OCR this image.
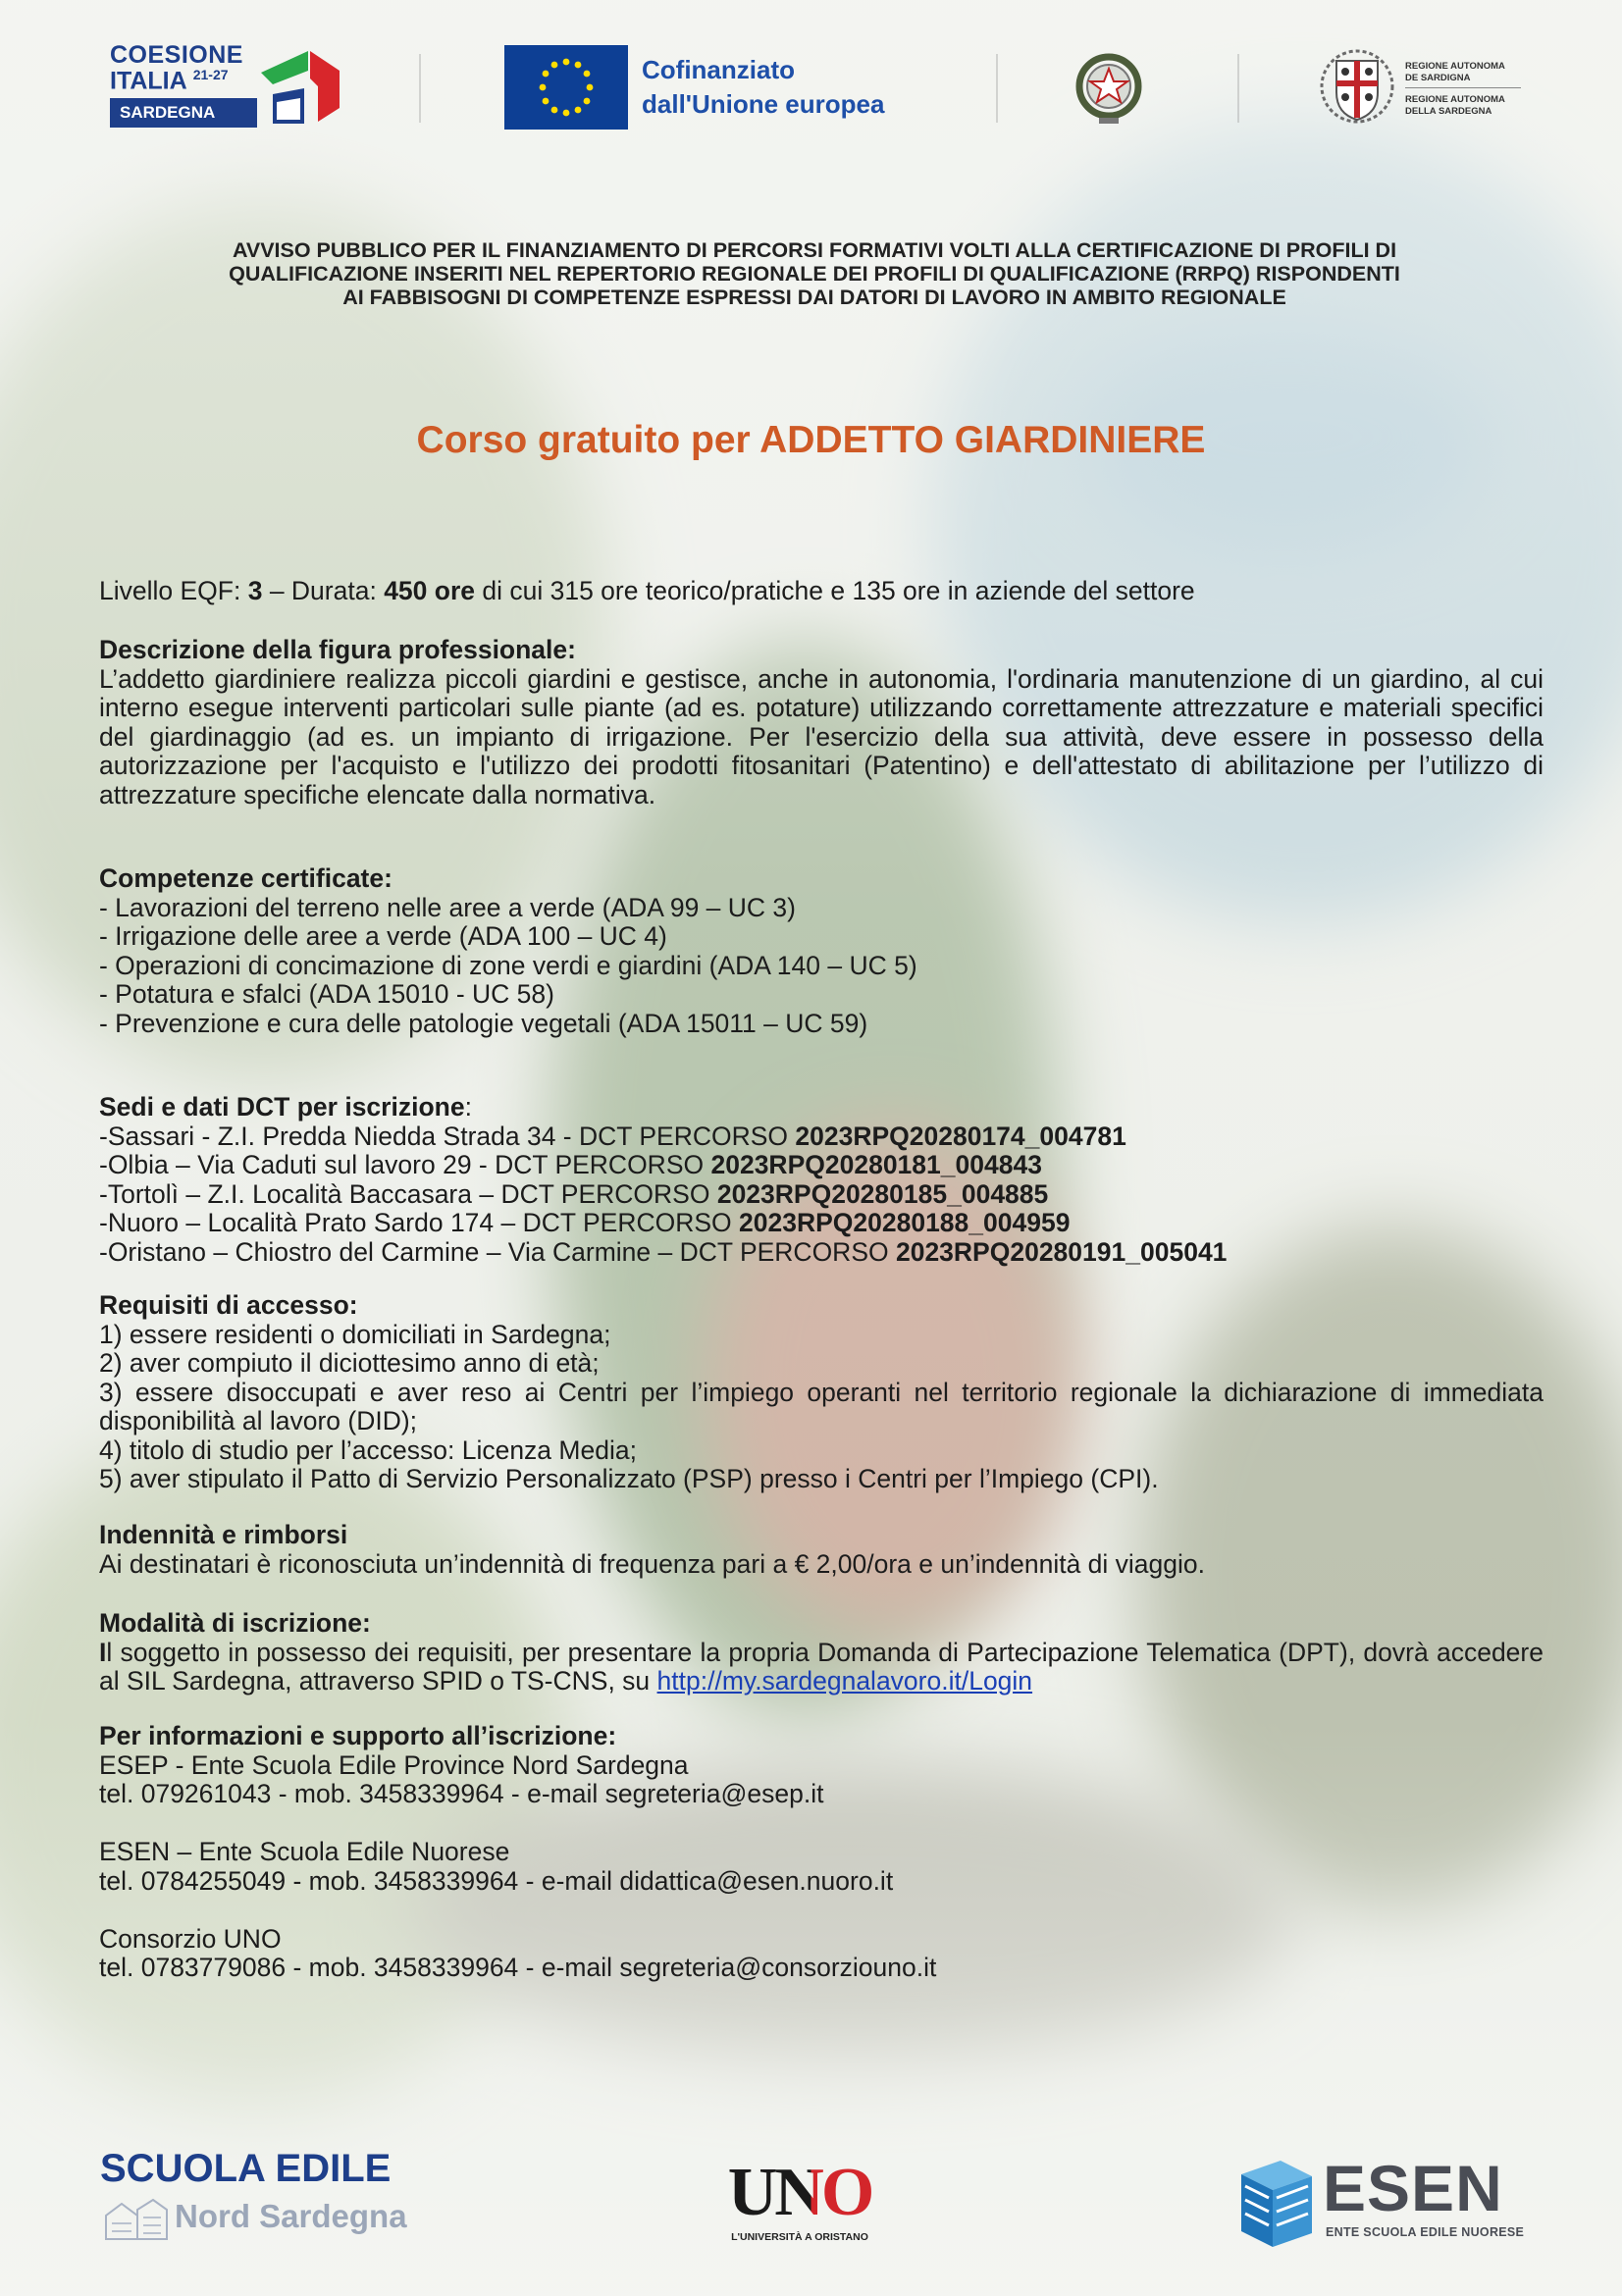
COESIONE
ITALIA $^{21-27}$
SARDEGNA
Cofinanziato
dall'Unione europea
REGIONE AUTONOMA
DE SARDIGNA
REGIONE AUTONOMA
DELLA SARDEGNA
AVVISO PUBBLICO PER IL FINANZIAMENTO DI PERCORSI FORMATIVI VOLTI ALLA CERTIFICAZIONE DI PROFILI DI
QUALIFICAZIONE INSERITI NEL REPERTORIO REGIONALE DEI PROFILI DI QUALIFICAZIONE (RRPQ) RISPONDENTI
AI FABBISOGNI DI COMPETENZE ESPRESSI DAI DATORI DI LAVORO IN AMBITO REGIONALE
Corso gratuito per ADDETTO GIARDINIERE
Livello EQF: 3 – Durata: 450 ore di cui 315 ore teorico/pratiche e 135 ore in aziende del settore
Descrizione della figura professionale:
L’addetto giardiniere realizza piccoli giardini e gestisce, anche in autonomia, l'ordinaria manutenzione di un giardino, al cui interno esegue interventi particolari sulle piante (ad es. potature) utilizzando correttamente attrezzature e materiali specifici del giardinaggio (ad es. un impianto di irrigazione. Per l'esercizio della sua attività, deve essere in possesso della autorizzazione per l'acquisto e l'utilizzo dei prodotti fitosanitari (Patentino) e dell'attestato di abilitazione per l’utilizzo di attrezzature specifiche elencate dalla normativa.
Competenze certificate:
- Lavorazioni del terreno nelle aree a verde (ADA 99 – UC 3)
- Irrigazione delle aree a verde (ADA 100 – UC 4)
- Operazioni di concimazione di zone verdi e giardini (ADA 140 – UC 5)
- Potatura e sfalci (ADA 15010 - UC 58)
- Prevenzione e cura delle patologie vegetali (ADA 15011 – UC 59)
Sedi e dati DCT per iscrizione:
-Sassari - Z.I. Predda Niedda Strada 34 - DCT PERCORSO 2023RPQ20280174_004781
-Olbia – Via Caduti sul lavoro 29 - DCT PERCORSO 2023RPQ20280181_004843
-Tortolì – Z.I. Località Baccasara – DCT PERCORSO 2023RPQ20280185_004885
-Nuoro – Località Prato Sardo 174 – DCT PERCORSO 2023RPQ20280188_004959
-Oristano – Chiostro del Carmine – Via Carmine – DCT PERCORSO 2023RPQ20280191_005041
Requisiti di accesso:
1) essere residenti o domiciliati in Sardegna;
2) aver compiuto il diciottesimo anno di età;
3) essere disoccupati e aver reso ai Centri per l’impiego operanti nel territorio regionale la dichiarazione di immediata disponibilità al lavoro (DID);
4) titolo di studio per l’accesso: Licenza Media;
5) aver stipulato il Patto di Servizio Personalizzato (PSP) presso i Centri per l’Impiego (CPI).
Indennità e rimborsi
Ai destinatari è riconosciuta un’indennità di frequenza pari a € 2,00/ora e un’indennità di viaggio.
Modalità di iscrizione:
Il soggetto in possesso dei requisiti, per presentare la propria Domanda di Partecipazione Telematica (DPT), dovrà accedere al SIL Sardegna, attraverso SPID o TS-CNS, su http://my.sardegnalavoro.it/Login
Per informazioni e supporto all’iscrizione:
ESEP - Ente Scuola Edile Province Nord Sardegna
tel. 079261043 - mob. 3458339964 - e-mail segreteria@esep.it
ESEN – Ente Scuola Edile Nuorese
tel. 0784255049 - mob. 3458339964 - e-mail didattica@esen.nuoro.it
Consorzio UNO
tel. 0783779086 - mob. 3458339964 - e-mail segreteria@consorziouno.it
SCUOLA EDILE
Nord Sardegna	UNO
L'UNIVERSITÀ A ORISTANO
ESEN
ENTE SCUOLA EDILE NUORESE
